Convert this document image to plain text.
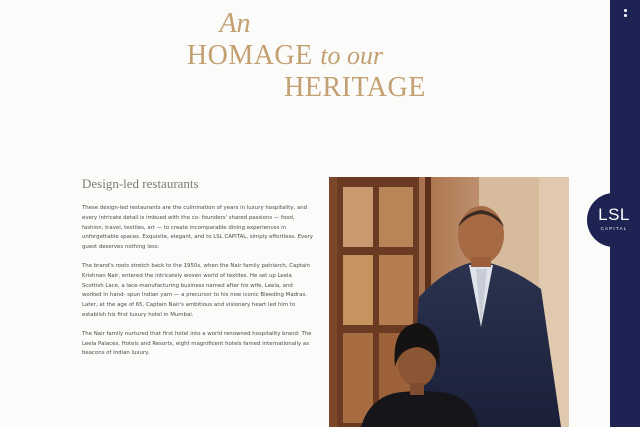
An
HOMAGE to our
HERITAGE
Design-led restaurants

These design-led restaurants are the culmination of years in luxury hospitality, and every intricate detail is imbued with the co- founders' shared passions — food, fashion, travel, textiles, art — to create incomparable dining experiences in unforgettable spaces. Exquisite, elegant, and to LSL CAPITAL, simply effortless. Every guest deserves nothing less.

The brand's roots stretch back to the 1950s, when the Nair family patriarch, Captain Krishnan Nair, entered the intricately woven world of textiles. He set up Leela Scottish Lace, a lace-manufacturing business named after his wife, Leela, and worked in hand- spun Indian yarn — a precursor to his now iconic Bleeding Madras. Later, at the age of 65, Captain Nair's ambitious and visionary heart led him to establish his first luxury hotel in Mumbai.

The Nair family nurtured that first hotel into a world renowned hospitality brand: The Leela Palaces, Hotels and Resorts, eight magnificent hotels famed internationally as beacons of Indian luxury.

LSL
CAPITAL
